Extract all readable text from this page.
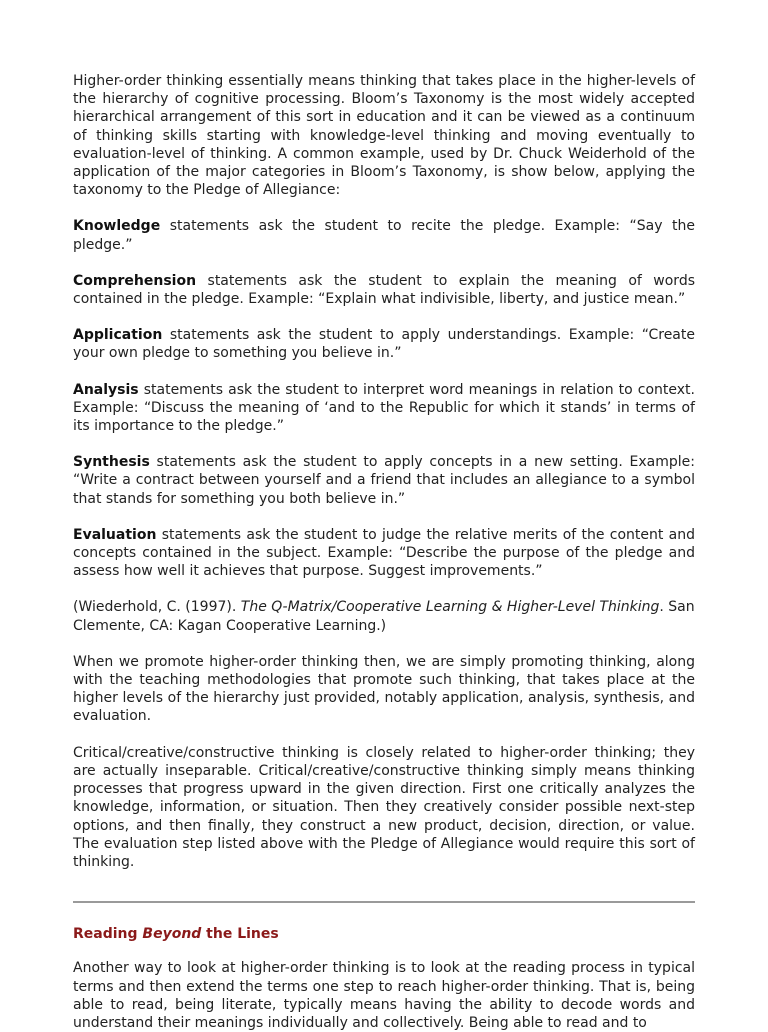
Higher-order thinking essentially means thinking that takes place in the higher-levels of the hierarchy of cognitive processing. Bloom’s Taxonomy is the most widely accepted hierarchical arrangement of this sort in education and it can be viewed as a continuum of thinking skills starting with knowledge-level thinking and moving eventually to evaluation-level of thinking. A common example, used by Dr. Chuck Weiderhold of the application of the major categories in Bloom’s Taxonomy, is show below, applying the taxonomy to the Pledge of Allegiance:

Knowledge statements ask the student to recite the pledge. Example: “Say the pledge.”

Comprehension statements ask the student to explain the meaning of words contained in the pledge. Example: “Explain what indivisible, liberty, and justice mean.”

Application statements ask the student to apply understandings. Example: “Create your own pledge to something you believe in.”

Analysis statements ask the student to interpret word meanings in relation to context. Example: “Discuss the meaning of ‘and to the Republic for which it stands’ in terms of its importance to the pledge.”

Synthesis statements ask the student to apply concepts in a new setting. Example: “Write a contract between yourself and a friend that includes an allegiance to a symbol that stands for something you both believe in.”

Evaluation statements ask the student to judge the relative merits of the content and concepts contained in the subject. Example: “Describe the purpose of the pledge and assess how well it achieves that purpose. Suggest improvements.”

(Wiederhold, C. (1997). The Q-Matrix/Cooperative Learning & Higher-Level Thinking. San Clemente, CA: Kagan Cooperative Learning.)

When we promote higher-order thinking then, we are simply promoting thinking, along with the teaching methodologies that promote such thinking, that takes place at the higher levels of the hierarchy just provided, notably application, analysis, synthesis, and evaluation.

Critical/creative/constructive thinking is closely related to higher-order thinking; they are actually inseparable. Critical/creative/constructive thinking simply means thinking processes that progress upward in the given direction. First one critically analyzes the knowledge, information, or situation. Then they creatively consider possible next-step options, and then finally, they construct a new product, decision, direction, or value. The evaluation step listed above with the Pledge of Allegiance would require this sort of thinking.

Reading Beyond the Lines

Another way to look at higher-order thinking is to look at the reading process in typical terms and then extend the terms one step to reach higher-order thinking. That is, being able to read, being literate, typically means having the ability to decode words and understand their meanings individually and collectively. Being able to read and to
